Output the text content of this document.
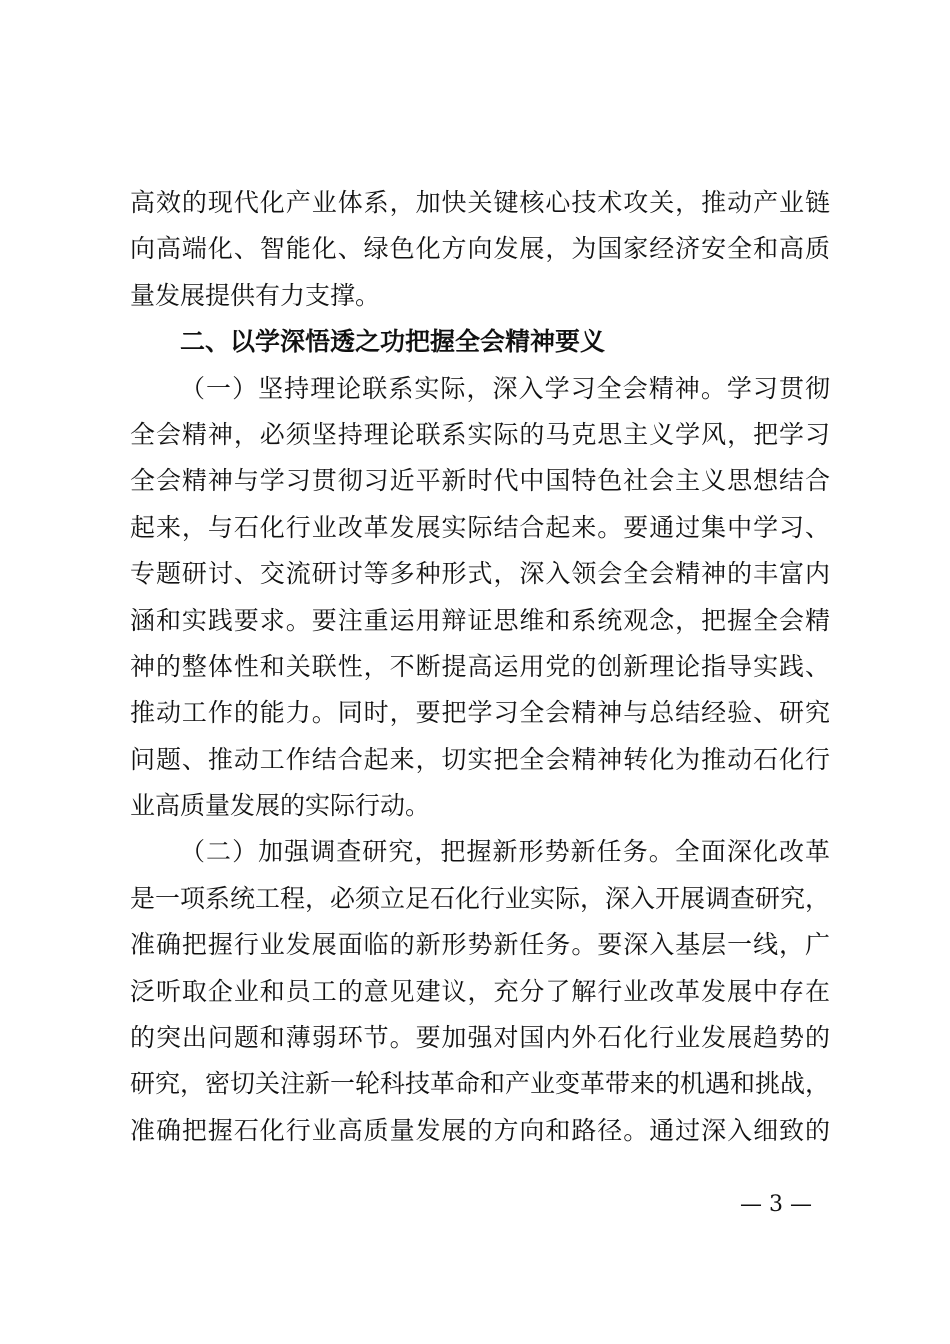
高效的现代化产业体系，加快关键核心技术攻关，推动产业链
向高端化、智能化、绿色化方向发展，为国家经济安全和高质
量发展提供有力支撑。
二、以学深悟透之功把握全会精神要义
（一）坚持理论联系实际，深入学习全会精神。学习贯彻
全会精神，必须坚持理论联系实际的马克思主义学风，把学习
全会精神与学习贯彻习近平新时代中国特色社会主义思想结合
起来，与石化行业改革发展实际结合起来。要通过集中学习、
专题研讨、交流研讨等多种形式，深入领会全会精神的丰富内
涵和实践要求。要注重运用辩证思维和系统观念，把握全会精
神的整体性和关联性，不断提高运用党的创新理论指导实践、
推动工作的能力。同时，要把学习全会精神与总结经验、研究
问题、推动工作结合起来，切实把全会精神转化为推动石化行
业高质量发展的实际行动。
（二）加强调查研究，把握新形势新任务。全面深化改革
是一项系统工程，必须立足石化行业实际，深入开展调查研究，
准确把握行业发展面临的新形势新任务。要深入基层一线，广
泛听取企业和员工的意见建议，充分了解行业改革发展中存在
的突出问题和薄弱环节。要加强对国内外石化行业发展趋势的
研究，密切关注新一轮科技革命和产业变革带来的机遇和挑战，
准确把握石化行业高质量发展的方向和路径。通过深入细致的
— 3 —
